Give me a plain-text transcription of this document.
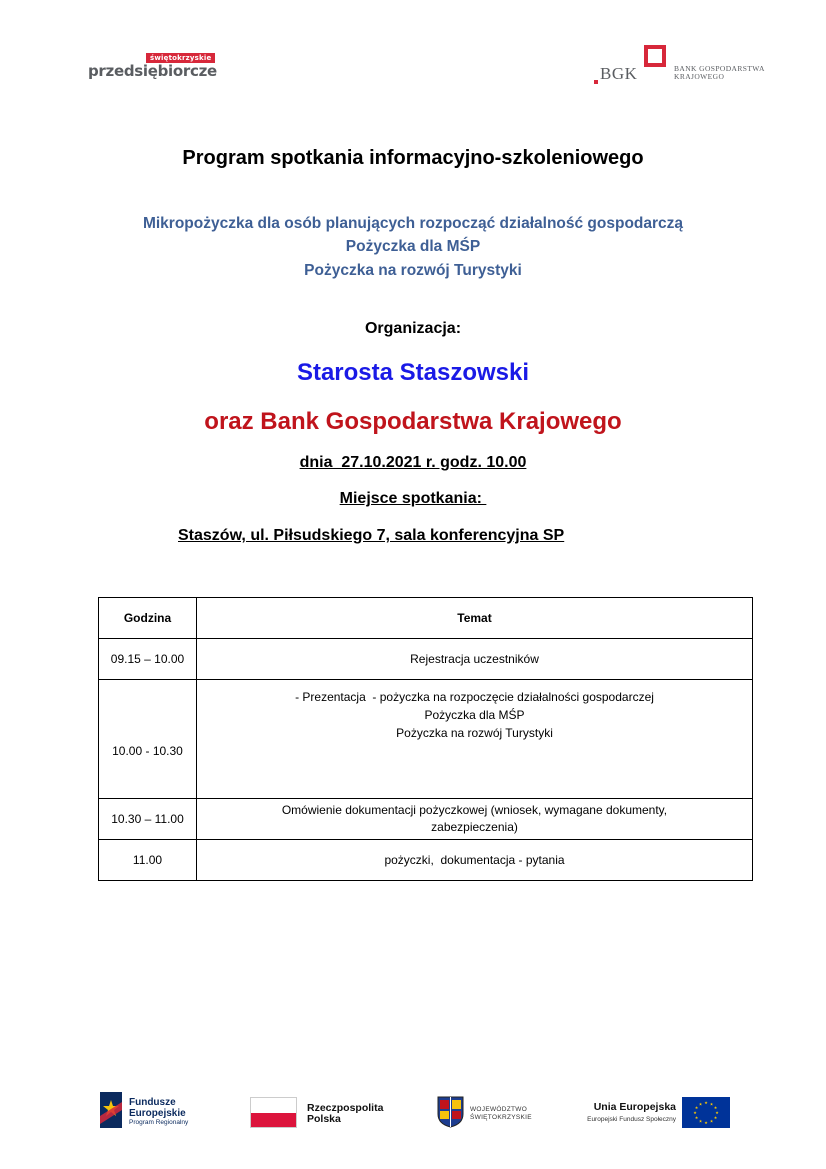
świętokrzyskie
przedsiębiorcze	BGK	BANK GOSPODARSTWA
KRAJOWEGO
Program spotkania informacyjno-szkoleniowego
Mikropożyczka dla osób planujących rozpocząć działalność gospodarczą
Pożyczka dla MŚP
Pożyczka na rozwój Turystyki
Organizacja:
Starosta Staszowski
oraz Bank Gospodarstwa Krajowego
dnia  27.10.2021 r. godz. 10.00
Miejsce spotkania:
Staszów, ul. Piłsudskiego 7, sala konferencyjna SP
Godzina	Temat
09.15 – 10.00	Rejestracja uczestników
10.00 - 10.30	- Prezentacja  - pożyczka na rozpoczęcie działalności gospodarczej
Pożyczka dla MŚP
Pożyczka na rozwój Turystyki

10.30 – 11.00	Omówienie dokumentacji pożyczkowej (wniosek, wymagane dokumenty,
zabezpieczenia)

11.00	pożyczki,  dokumentacja - pytania
Fundusze
Europejskie
Program Regionalny
Rzeczpospolita
Polska
WOJEWÓDZTWO
ŚWIĘTOKRZYSKIE
Unia Europejska
Europejski Fundusz Społeczny
★ ★
★
★
★
★
★
★
★
★
★
★
